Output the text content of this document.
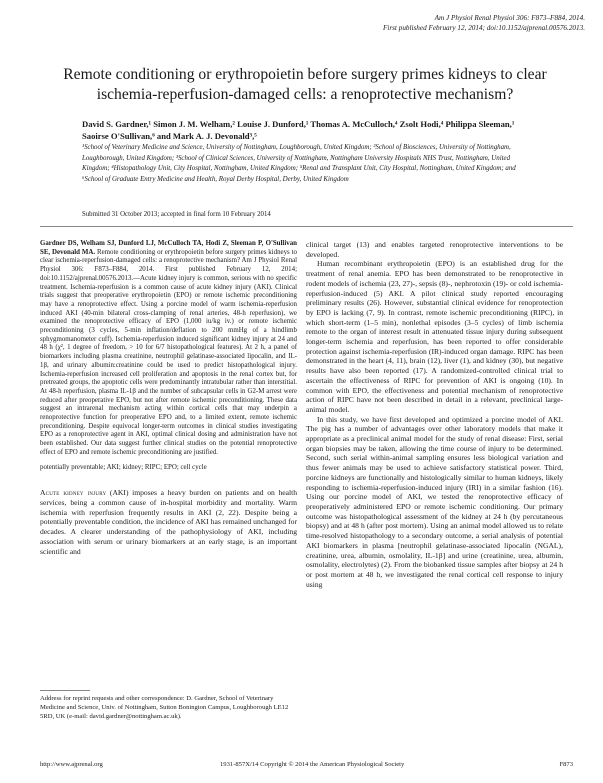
Am J Physiol Renal Physiol 306: F873–F884, 2014.
First published February 12, 2014; doi:10.1152/ajprenal.00576.2013.
Remote conditioning or erythropoietin before surgery primes kidneys to clear ischemia-reperfusion-damaged cells: a renoprotective mechanism?
David S. Gardner,¹ Simon J. M. Welham,² Louise J. Dunford,¹ Thomas A. McCulloch,⁴ Zsolt Hodi,⁴ Philippa Sleeman,¹ Saoirse O'Sullivan,⁶ and Mark A. J. Devonald³,⁵
¹School of Veterinary Medicine and Science, University of Nottingham, Loughborough, United Kingdom; ²School of Biosciences, University of Nottingham, Loughborough, United Kingdom; ³School of Clinical Sciences, University of Nottingham, Nottingham University Hospitals NHS Trust, Nottingham, United Kingdom; ⁴Histopathology Unit, City Hospital, Nottingham, United Kingdom; ⁵Renal and Transplant Unit, City Hospital, Nottingham, United Kingdom; and ⁶School of Graduate Entry Medicine and Health, Royal Derby Hospital, Derby, United Kingdom
Submitted 31 October 2013; accepted in final form 10 February 2014

Gardner DS, Welham SJ, Dunford LJ, McCulloch TA, Hodi Z, Sleeman P, O'Sullivan SE, Devonald MA. Remote conditioning or erythropoietin before surgery primes kidneys to clear ischemia-reperfusion-damaged cells: a renoprotective mechanism? Am J Physiol Renal Physiol 306: F873–F884, 2014. First published February 12, 2014; doi:10.1152/ajprenal.00576.2013.—Acute kidney injury is common, serious with no specific treatment. Ischemia-reperfusion is a common cause of acute kidney injury (AKI). Clinical trials suggest that preoperative erythropoietin (EPO) or remote ischemic preconditioning may have a renoprotective effect. Using a porcine model of warm ischemia-reperfusion induced AKI (40-min bilateral cross-clamping of renal arteries, 48-h reperfusion), we examined the renoprotective efficacy of EPO (1,000 iu/kg iv.) or remote ischemic preconditioning (3 cycles, 5-min inflation/deflation to 200 mmHg of a hindlimb sphygmomanometer cuff). Ischemia-reperfusion induced significant kidney injury at 24 and 48 h (χ², 1 degree of freedom, > 10 for 6/7 histopathological features). At 2 h, a panel of biomarkers including plasma creatinine, neutrophil gelatinase-associated lipocalin, and IL-1β, and urinary albumin:creatinine could be used to predict histopathological injury. Ischemia-reperfusion increased cell proliferation and apoptosis in the renal cortex but, for pretreated groups, the apoptotic cells were predominantly intratubular rather than interstitial. At 48-h reperfusion, plasma IL-1β and the number of subcapsular cells in G2-M arrest were reduced after preoperative EPO, but not after remote ischemic preconditioning. These data suggest an intrarenal mechanism acting within cortical cells that may underpin a renoprotective function for preoperative EPO and, to a limited extent, remote ischemic preconditioning. Despite equivocal longer-term outcomes in clinical studies investigating EPO as a renoprotective agent in AKI, optimal clinical dosing and administration have not been established. Our data suggest further clinical studies on the potential renoprotective effect of EPO and remote ischemic preconditioning are justified.

potentially preventable; AKI; kidney; RIPC; EPO; cell cycle

Acute kidney injury (AKI) imposes a heavy burden on patients and on health services, being a common cause of in-hospital morbidity and mortality. Warm ischemia with reperfusion frequently results in AKI (2, 22). Despite being a potentially preventable condition, the incidence of AKI has remained unchanged for decades. A clearer understanding of the pathophysiology of AKI, including association with serum or urinary biomarkers at an early stage, is an important scientific and

Address for reprint requests and other correspondence: D. Gardner, School of Veterinary Medicine and Science, Univ. of Nottingham, Sutton Bonington Campus, Loughborough LE12 5RD, UK (e-mail: david.gardner@nottingham.ac.uk).

clinical target (13) and enables targeted renoprotective interventions to be developed.

Human recombinant erythropoietin (EPO) is an established drug for the treatment of renal anemia. EPO has been demonstrated to be renoprotective in rodent models of ischemia (23, 27)-, sepsis (8)-, nephrotoxin (19)- or cold ischemia-reperfusion-induced (5) AKI. A pilot clinical study reported encouraging preliminary results (26). However, substantial clinical evidence for renoprotection by EPO is lacking (7, 9). In contrast, remote ischemic preconditioning (RIPC), in which short-term (1–5 min), nonlethal episodes (3–5 cycles) of limb ischemia remote to the organ of interest result in attenuated tissue injury during subsequent longer-term ischemia and reperfusion, has been reported to offer considerable protection against ischemia-reperfusion (IR)-induced organ damage. RIPC has been demonstrated in the heart (4, 11), brain (12), liver (1), and kidney (30), but negative results have also been reported (17). A randomized-controlled clinical trial to ascertain the effectiveness of RIPC for prevention of AKI is ongoing (10). In common with EPO, the effectiveness and potential mechanism of renoprotective action of RIPC have not been described in detail in a relevant, preclinical large-animal model.

In this study, we have first developed and optimized a porcine model of AKI. The pig has a number of advantages over other laboratory models that make it appropriate as a preclinical animal model for the study of renal disease: First, serial organ biopsies may be taken, allowing the time course of injury to be determined. Second, such serial within-animal sampling ensures less biological variation and thus fewer animals may be used to achieve satisfactory statistical power. Third, porcine kidneys are functionally and histologically similar to human kidneys, likely responding to ischemia-reperfusion-induced injury (IRI) in a similar fashion (16). Using our porcine model of AKI, we tested the renoprotective efficacy of preoperatively administered EPO or remote ischemic conditioning. Our primary outcome was histopathological assessment of the kidney at 24 h (by percutaneous biopsy) and at 48 h (after post mortem). Using an animal model allowed us to relate time-resolved histopathology to a secondary outcome, a serial analysis of potential AKI biomarkers in plasma [neutrophil gelatinase-associated lipocalin (NGAL), creatinine, urea, albumin, osmolality, IL-1β] and urine (creatinine, urea, albumin, osmolality, electrolytes) (2). From the biobanked tissue samples after biopsy at 24 h or post mortem at 48 h, we investigated the renal cortical cell response to injury using

http://www.ajprenal.org	1931-857X/14 Copyright © 2014 the American Physiological Society	F873
